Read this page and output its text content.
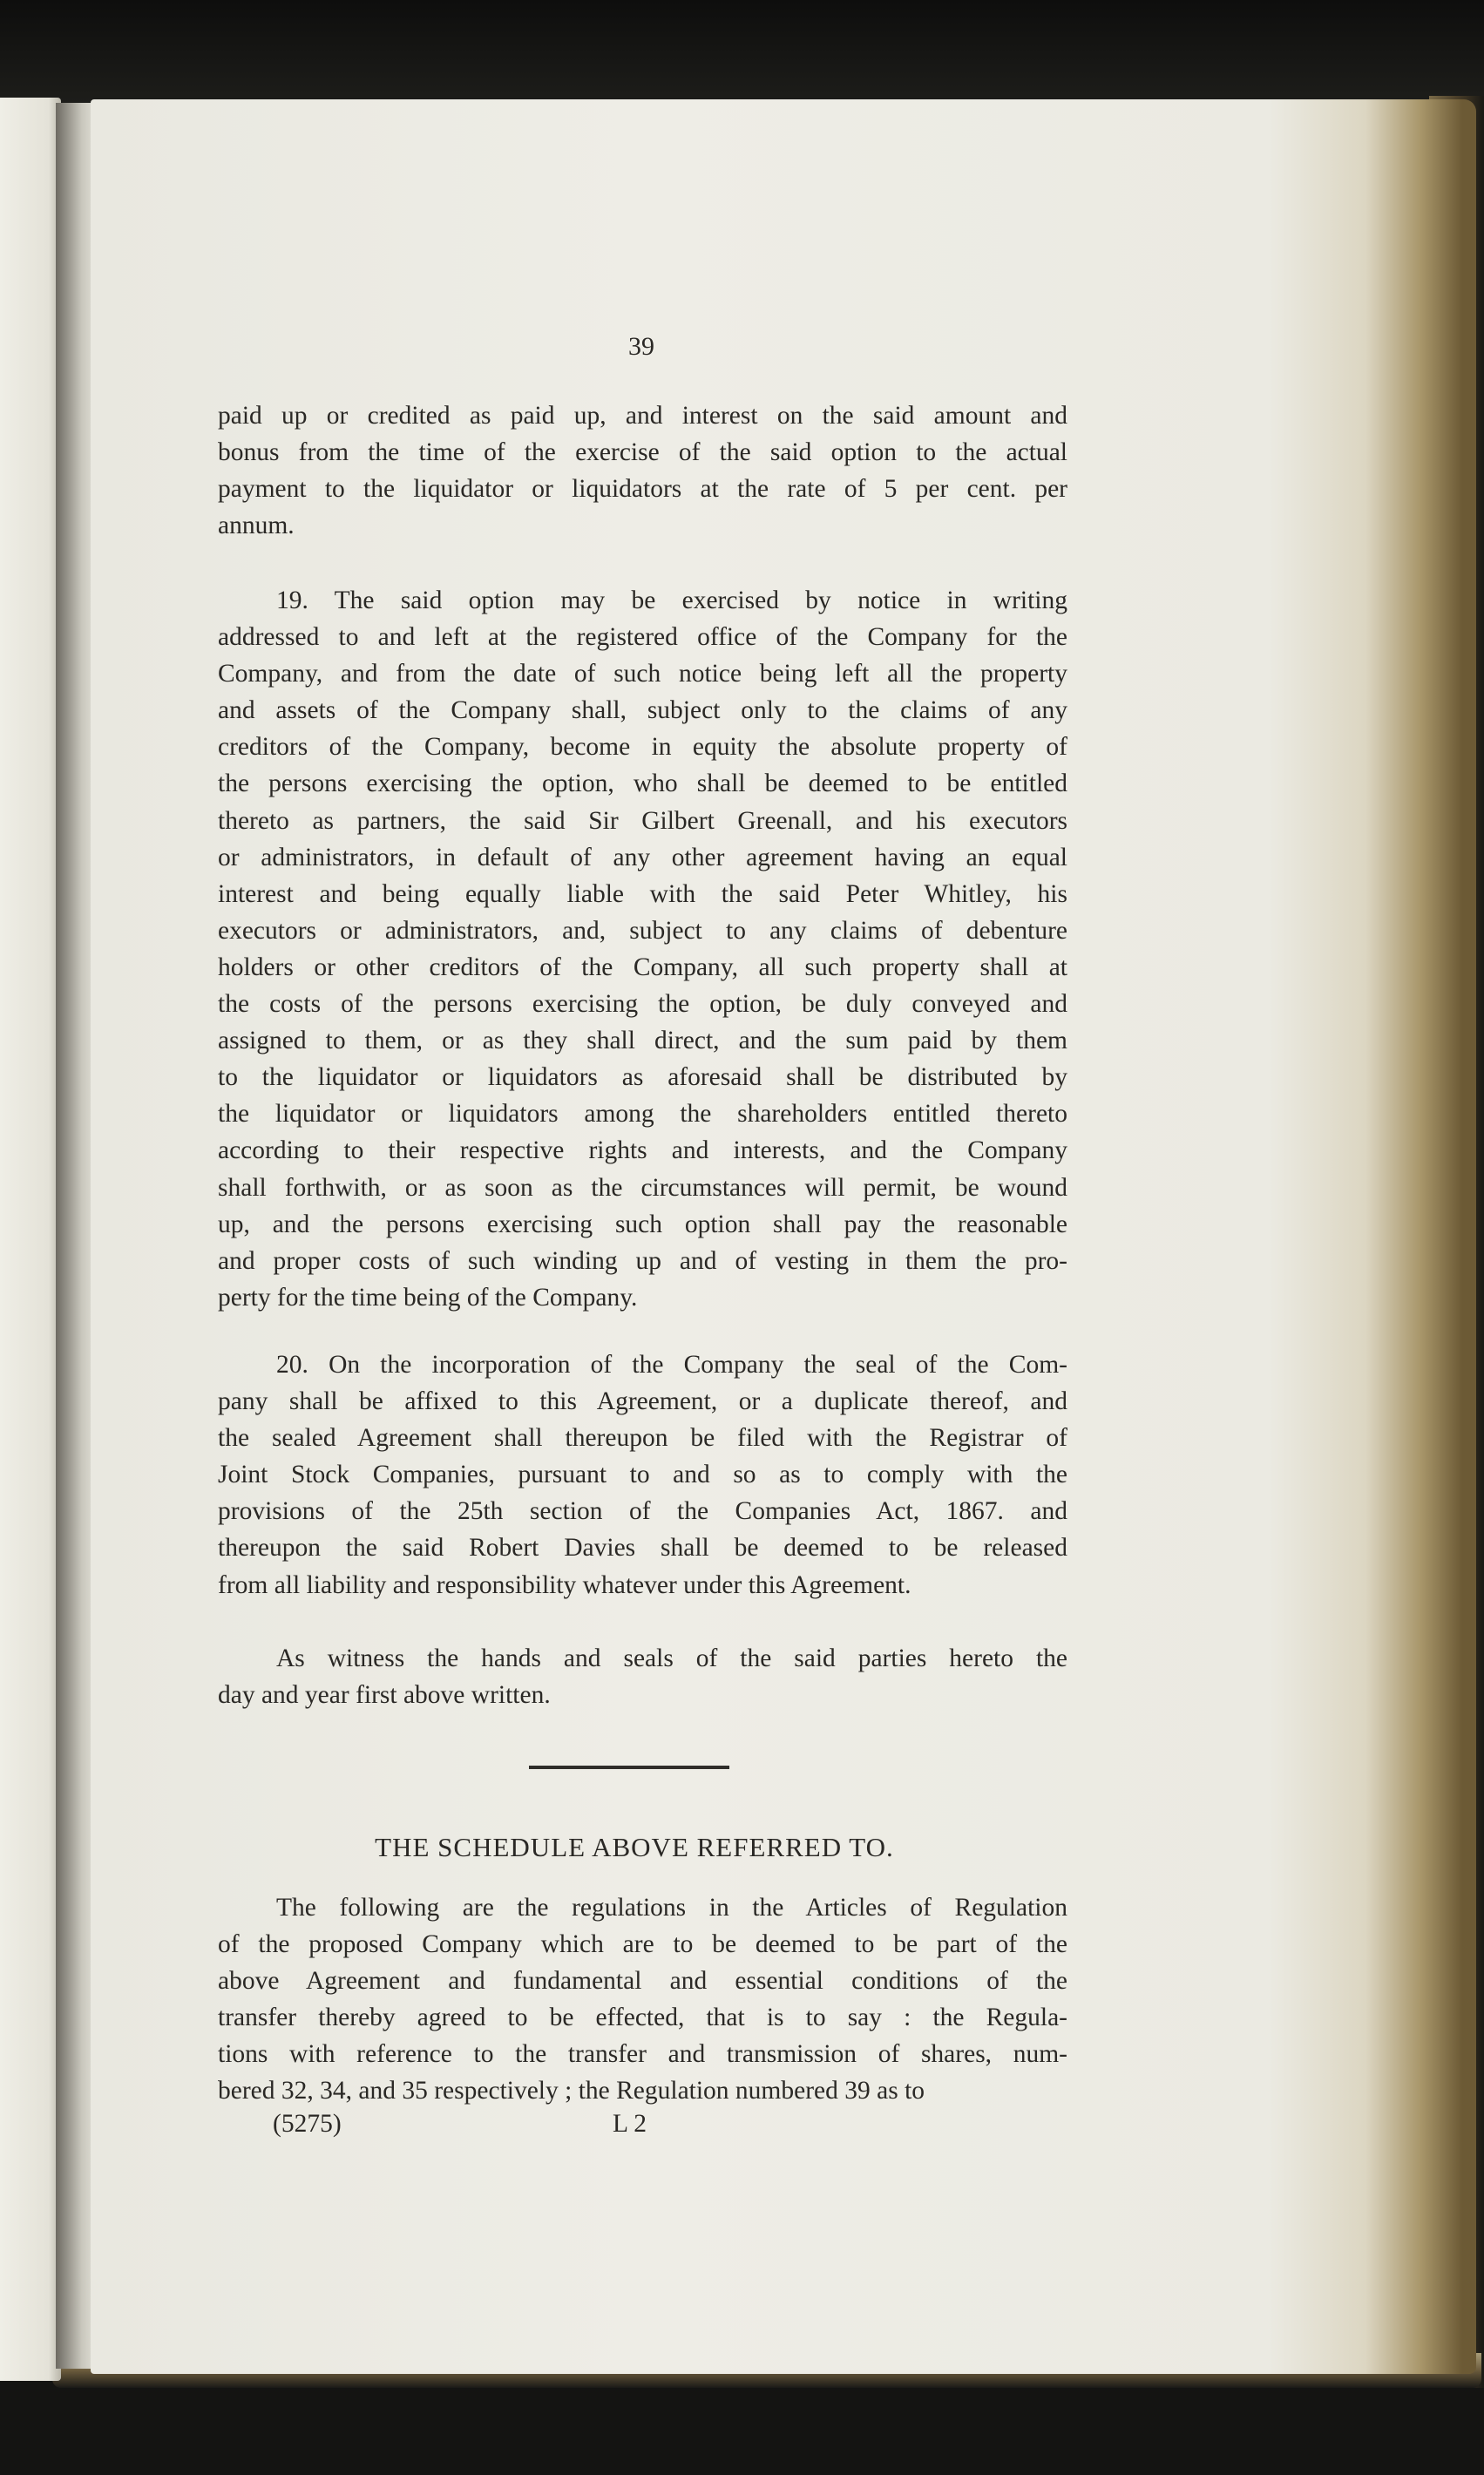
39
paid up or credited as paid up, and interest on the said amount and
bonus from the time of the exercise of the said option to the actual
payment to the liquidator or liquidators at the rate of 5 per cent. per
annum.
19. The said option may be exercised by notice in writing
addressed to and left at the registered office of the Company for the
Company, and from the date of such notice being left all the property
and assets of the Company shall, subject only to the claims of any
creditors of the Company, become in equity the absolute property of
the persons exercising the option, who shall be deemed to be entitled
thereto as partners, the said Sir Gilbert Greenall, and his executors
or administrators, in default of any other agreement having an equal
interest and being equally liable with the said Peter Whitley, his
executors or administrators, and, subject to any claims of debenture
holders or other creditors of the Company, all such property shall at
the costs of the persons exercising the option, be duly conveyed and
assigned to them, or as they shall direct, and the sum paid by them
to the liquidator or liquidators as aforesaid shall be distributed by
the liquidator or liquidators among the shareholders entitled thereto
according to their respective rights and interests, and the Company
shall forthwith, or as soon as the circumstances will permit, be wound
up, and the persons exercising such option shall pay the reasonable
and proper costs of such winding up and of vesting in them the pro-
perty for the time being of the Company.
20. On the incorporation of the Company the seal of the Com-
pany shall be affixed to this Agreement, or a duplicate thereof, and
the sealed Agreement shall thereupon be filed with the Registrar of
Joint Stock Companies, pursuant to and so as to comply with the
provisions of the 25th section of the Companies Act, 1867. and
thereupon the said Robert Davies shall be deemed to be released
from all liability and responsibility whatever under this Agreement.
As witness the hands and seals of the said parties hereto the
day and year first above written.
THE SCHEDULE ABOVE REFERRED TO.
The following are the regulations in the Articles of Regulation
of the proposed Company which are to be deemed to be part of the
above Agreement and fundamental and essential conditions of the
transfer thereby agreed to be effected, that is to say : the Regula-
tions with reference to the transfer and transmission of shares, num-
bered 32, 34, and 35 respectively ; the Regulation numbered 39 as to
(5275)	L 2
